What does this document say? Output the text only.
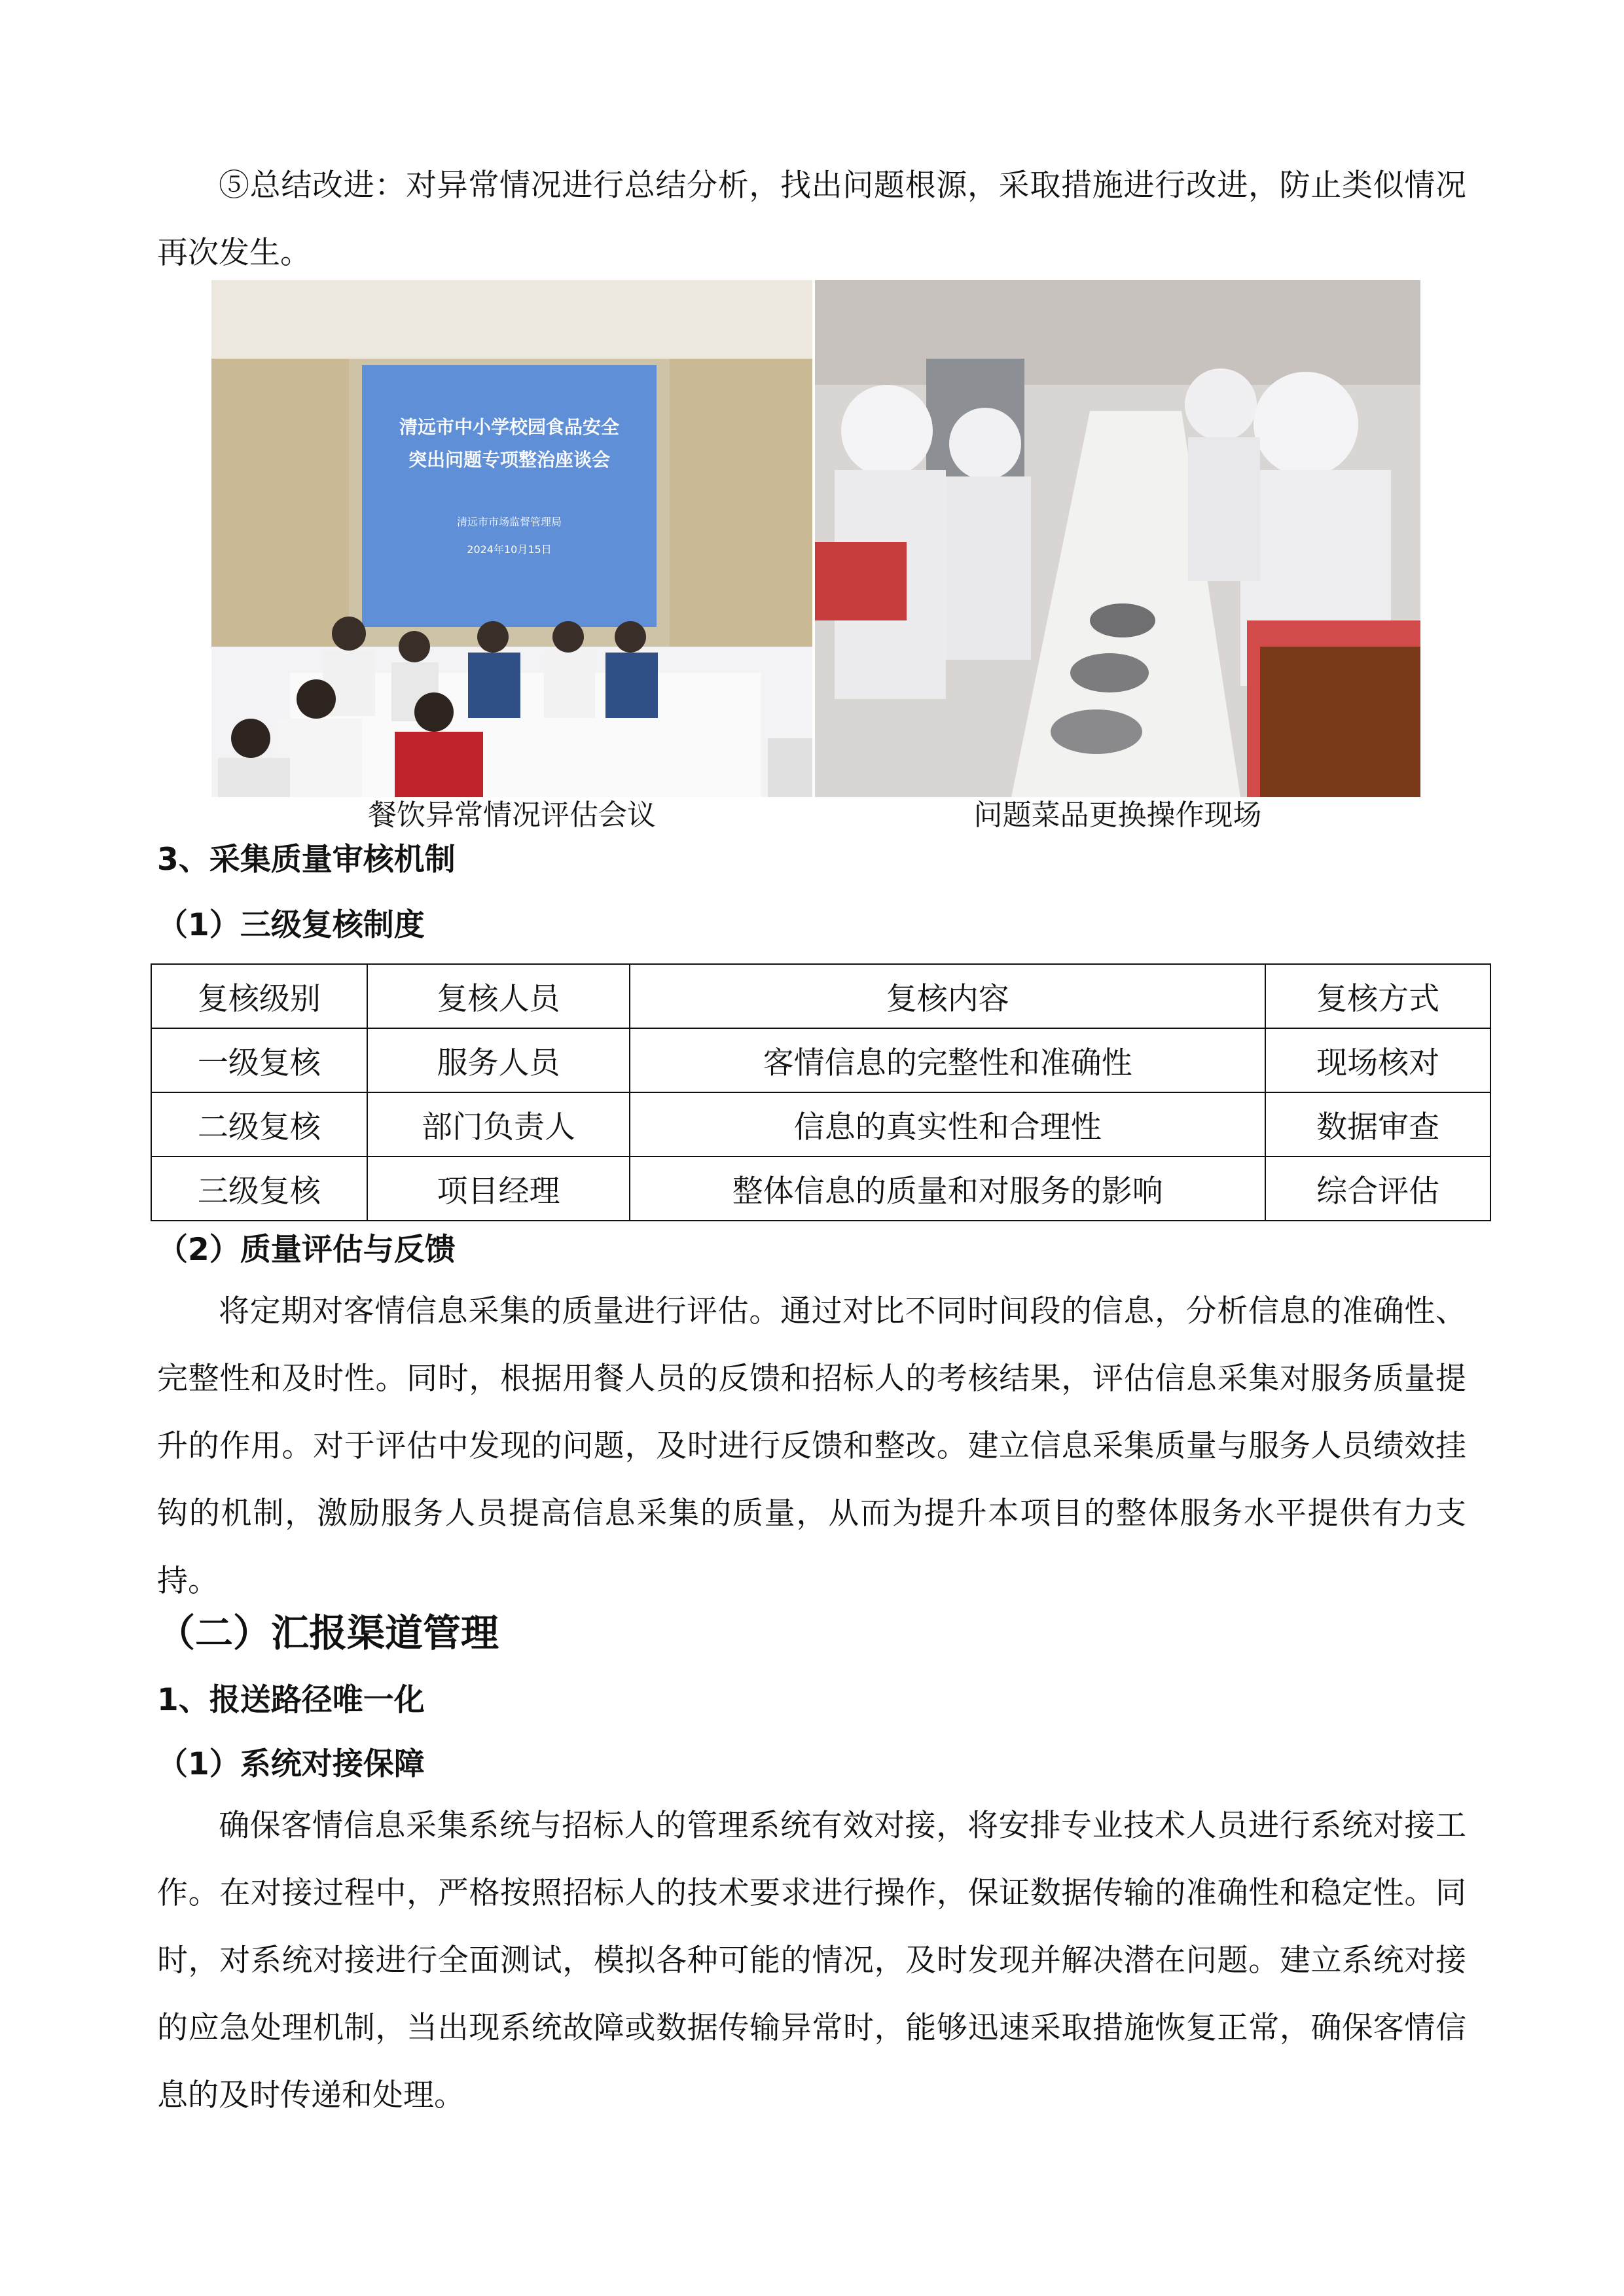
⑤总结改进：对异常情况进行总结分析，找出问题根源，采取措施进行改进，防止类似情况再次发生。

清远市中小学校园食品安全
突出问题专项整治座谈会
清远市市场监督管理局
2024年10月15日
餐饮异常情况评估会议	问题菜品更换操作现场
3、采集质量审核机制
（1）三级复核制度
复核级别	复核人员	复核内容	复核方式
一级复核	服务人员	客情信息的完整性和准确性	现场核对
二级复核	部门负责人	信息的真实性和合理性	数据审查
三级复核	项目经理	整体信息的质量和对服务的影响	综合评估
（2）质量评估与反馈

将定期对客情信息采集的质量进行评估。通过对比不同时间段的信息，分析信息的准确性、完整性和及时性。同时，根据用餐人员的反馈和招标人的考核结果，评估信息采集对服务质量提升的作用。对于评估中发现的问题，及时进行反馈和整改。建立信息采集质量与服务人员绩效挂钩的机制，激励服务人员提高信息采集的质量，从而为提升本项目的整体服务水平提供有力支持。

（二）汇报渠道管理
1、报送路径唯一化
（1）系统对接保障

确保客情信息采集系统与招标人的管理系统有效对接，将安排专业技术人员进行系统对接工作。在对接过程中，严格按照招标人的技术要求进行操作，保证数据传输的准确性和稳定性。同时，对系统对接进行全面测试，模拟各种可能的情况，及时发现并解决潜在问题。建立系统对接的应急处理机制，当出现系统故障或数据传输异常时，能够迅速采取措施恢复正常，确保客情信息的及时传递和处理。
